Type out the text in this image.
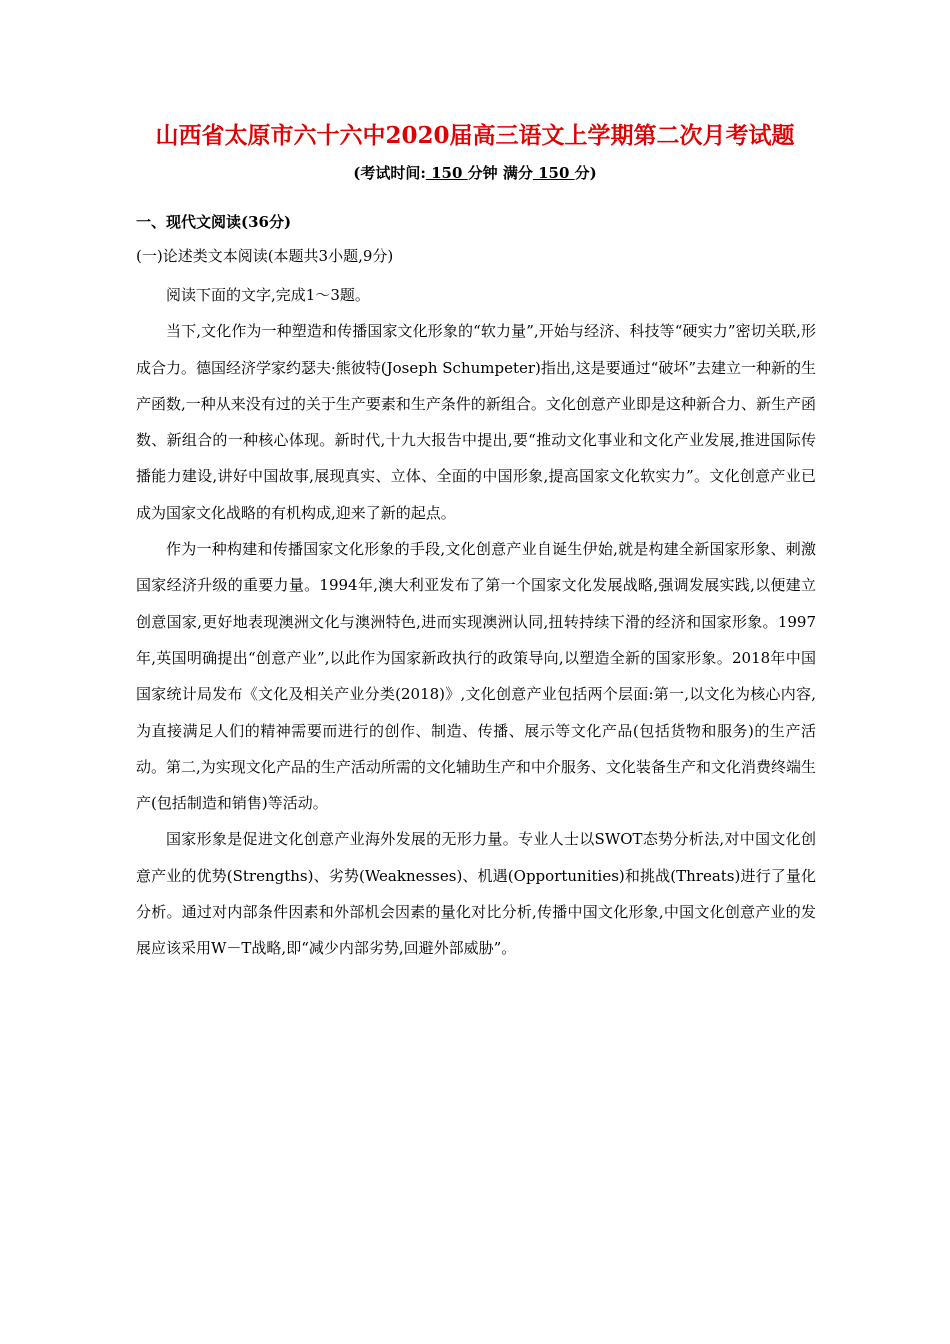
山西省太原市六十六中2020届高三语文上学期第二次月考试题
(考试时间: 150 分钟 满分 150 分)
一、现代文阅读(36分)
(一)论述类文本阅读(本题共3小题,9分)

阅读下面的文字,完成1～3题。

当下,文化作为一种塑造和传播国家文化形象的“软力量”,开始与经济、科技等“硬实力”密切关联,形成合力。德国经济学家约瑟夫·熊彼特(Joseph Schumpeter)指出,这是要通过“破坏”去建立一种新的生产函数,一种从来没有过的关于生产要素和生产条件的新组合。文化创意产业即是这种新合力、新生产函数、新组合的一种核心体现。新时代,十九大报告中提出,要“推动文化事业和文化产业发展,推进国际传播能力建设,讲好中国故事,展现真实、立体、全面的中国形象,提高国家文化软实力”。文化创意产业已成为国家文化战略的有机构成,迎来了新的起点。

作为一种构建和传播国家文化形象的手段,文化创意产业自诞生伊始,就是构建全新国家形象、刺激国家经济升级的重要力量。1994年,澳大利亚发布了第一个国家文化发展战略,强调发展实践,以便建立创意国家,更好地表现澳洲文化与澳洲特色,进而实现澳洲认同,扭转持续下滑的经济和国家形象。1997年,英国明确提出“创意产业”,以此作为国家新政执行的政策导向,以塑造全新的国家形象。2018年中国国家统计局发布《文化及相关产业分类(2018)》,文化创意产业包括两个层面:第一,以文化为核心内容,为直接满足人们的精神需要而进行的创作、制造、传播、展示等文化产品(包括货物和服务)的生产活动。第二,为实现文化产品的生产活动所需的文化辅助生产和中介服务、文化装备生产和文化消费终端生产(包括制造和销售)等活动。

国家形象是促进文化创意产业海外发展的无形力量。专业人士以SWOT态势分析法,对中国文化创意产业的优势(Strengths)、劣势(Weaknesses)、机遇(Opportunities)和挑战(Threats)进行了量化分析。通过对内部条件因素和外部机会因素的量化对比分析,传播中国文化形象,中国文化创意产业的发展应该采用W－T战略,即“减少内部劣势,回避外部威胁”。
